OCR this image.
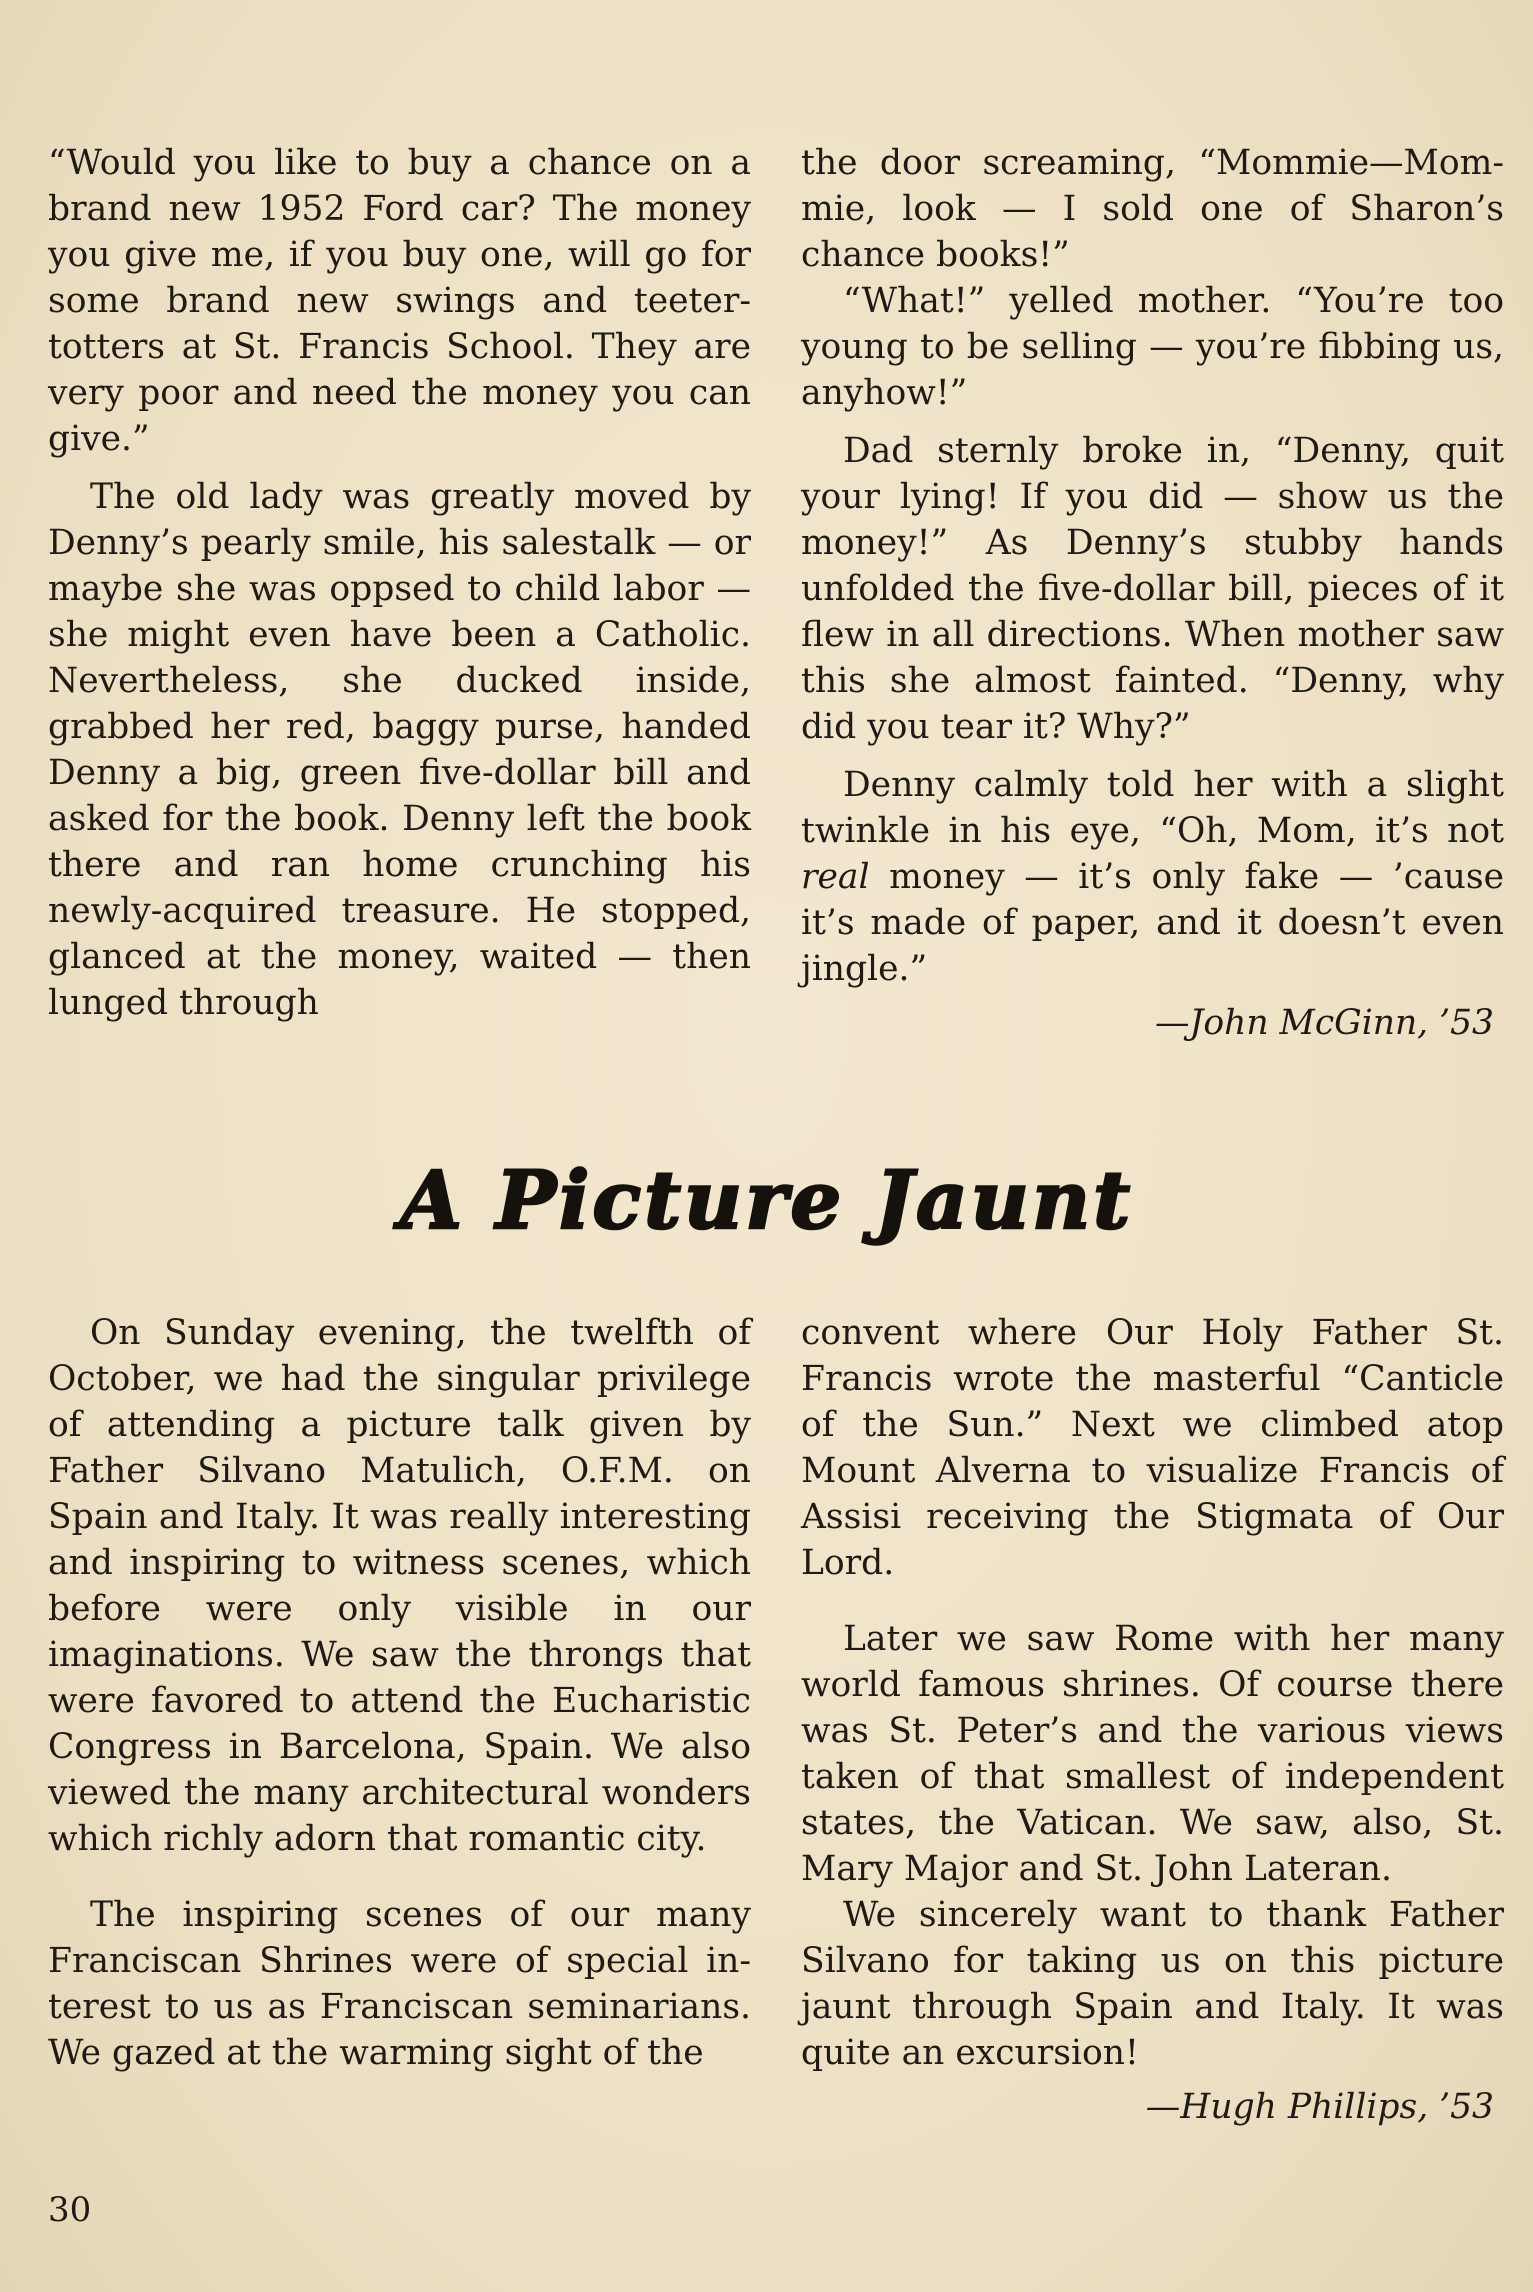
“Would you like to buy a chance on a brand new 1952 Ford car? The money you give me, if you buy one, will go for some brand new swings and teeter-totters at St. Francis School. They are very poor and need the money you can give.”

The old lady was greatly moved by Denny’s pearly smile, his salestalk — or maybe she was oppsed to child labor — she might even have been a Catholic. Nevertheless, she ducked inside, grabbed her red, baggy purse, handed Denny a big, green five-dollar bill and asked for the book. Denny left the book there and ran home crunching his newly-acquired treasure. He stopped, glanced at the money, waited — then lunged through

the door screaming, “Mommie—Mommie, look — I sold one of Sharon’s chance books!”

“What!” yelled mother. “You’re too young to be selling — you’re fibbing us, anyhow!”

Dad sternly broke in, “Denny, quit your lying! If you did — show us the money!” As Denny’s stubby hands unfolded the five-dollar bill, pieces of it flew in all directions. When mother saw this she almost fainted. “Denny, why did you tear it? Why?”

Denny calmly told her with a slight twinkle in his eye, “Oh, Mom, it’s not real money — it’s only fake — ’cause it’s made of paper, and it doesn’t even jingle.”

—John McGinn, ’53

A Picture Jaunt

On Sunday evening, the twelfth of October, we had the singular privilege of attending a picture talk given by Father Silvano Matulich, O.F.M. on Spain and Italy. It was really interesting and inspiring to witness scenes, which before were only visible in our imaginations. We saw the throngs that were favored to attend the Eucharistic Congress in Barcelona, Spain. We also viewed the many architectural wonders which richly adorn that romantic city.

The inspiring scenes of our many Franciscan Shrines were of special interest to us as Franciscan seminarians. We gazed at the warming sight of the

convent where Our Holy Father St. Francis wrote the masterful “Canticle of the Sun.” Next we climbed atop Mount Alverna to visualize Francis of Assisi receiving the Stigmata of Our Lord.

Later we saw Rome with her many world famous shrines. Of course there was St. Peter’s and the various views taken of that smallest of independent states, the Vatican. We saw, also, St. Mary Major and St. John Lateran.

We sincerely want to thank Father Silvano for taking us on this picture jaunt through Spain and Italy. It was quite an excursion!

—Hugh Phillips, ’53

30
